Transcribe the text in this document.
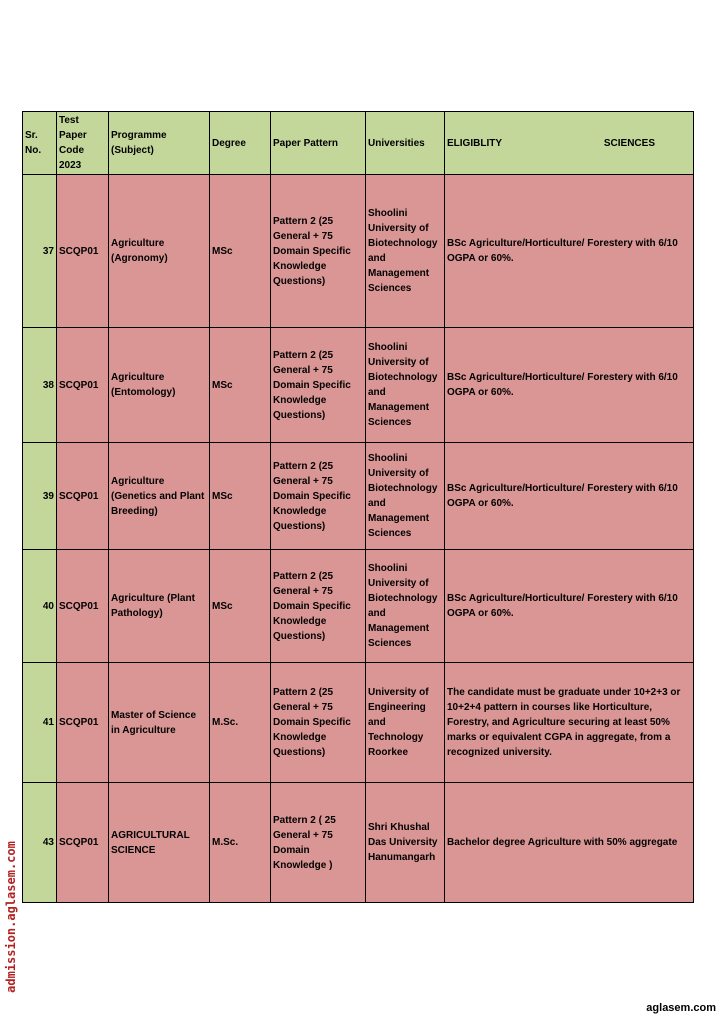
Sr. No.	Test Paper Code 2023	Programme (Subject)	Degree	Paper Pattern	Universities	ELIGIBLITY SCIENCES

37	SCQP01	Agriculture (Agronomy)	MSc	Pattern 2 (25 General + 75 Domain Specific Knowledge Questions)	Shoolini University of Biotechnology and Management Sciences	BSc Agriculture/Horticulture/ Forestery with 6/10 OGPA or 60%.
38	SCQP01	Agriculture (Entomology)	MSc	Pattern 2 (25 General + 75 Domain Specific Knowledge Questions)	Shoolini University of Biotechnology and Management Sciences	BSc Agriculture/Horticulture/ Forestery with 6/10 OGPA or 60%.
39	SCQP01	Agriculture (Genetics and Plant Breeding)	MSc	Pattern 2 (25 General + 75 Domain Specific Knowledge Questions)	Shoolini University of Biotechnology and Management Sciences	BSc Agriculture/Horticulture/ Forestery with 6/10 OGPA or 60%.
40	SCQP01	Agriculture (Plant Pathology)	MSc	Pattern 2 (25 General + 75 Domain Specific Knowledge Questions)	Shoolini University of Biotechnology and Management Sciences	BSc Agriculture/Horticulture/ Forestery with 6/10 OGPA or 60%.
41	SCQP01	Master of Science in Agriculture	M.Sc.	Pattern 2 (25 General + 75 Domain Specific Knowledge Questions)	University of Engineering and Technology Roorkee	The candidate must be graduate under 10+2+3 or 10+2+4 pattern in courses like Horticulture, Forestry, and Agriculture securing at least 50% marks or equivalent CGPA in aggregate, from a recognized university.
43	SCQP01	AGRICULTURAL SCIENCE	M.Sc.	Pattern 2 ( 25 General + 75 Domain Knowledge )	Shri Khushal Das University Hanumangarh	Bachelor degree Agriculture with 50% aggregate
admission.aglasem.com
aglasem.com
